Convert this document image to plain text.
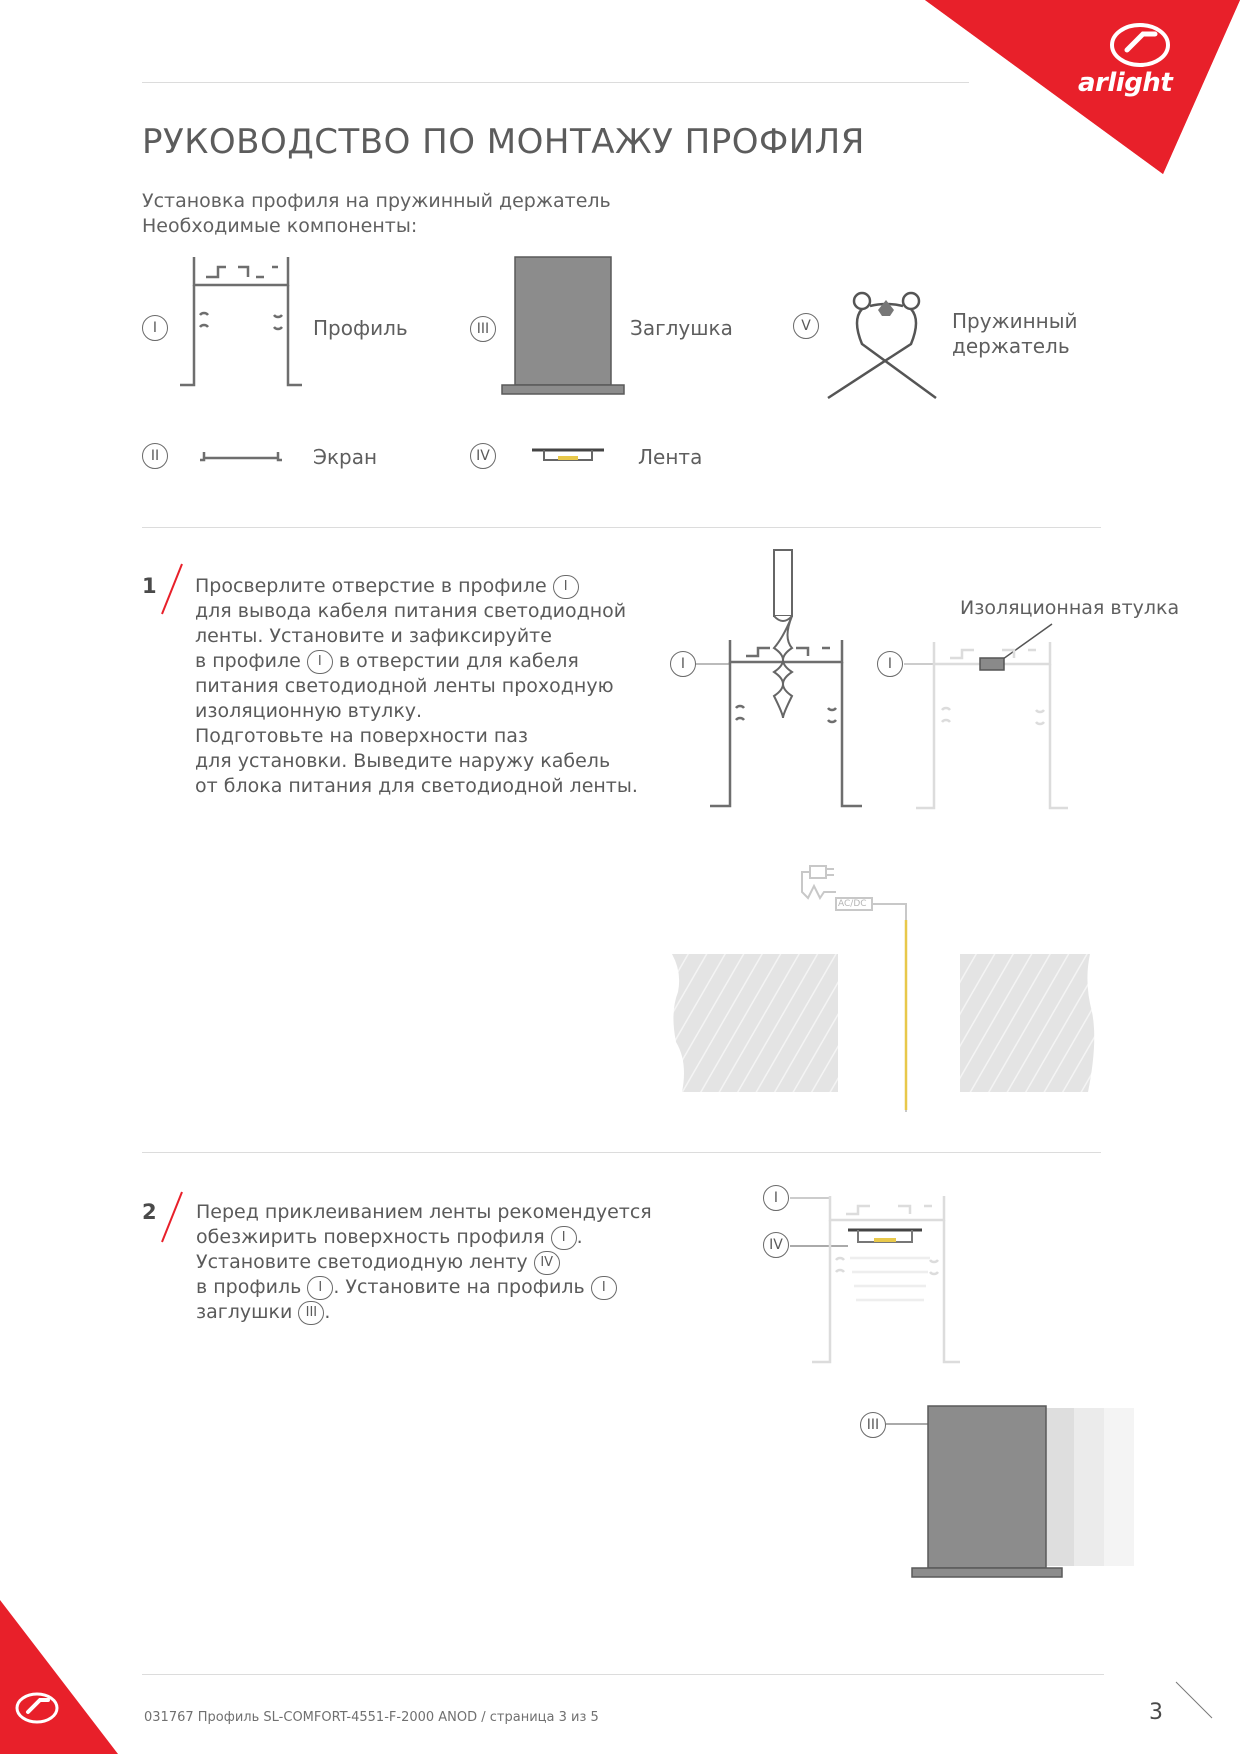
arlight
РУКОВОДСТВО ПО МОНТАЖУ ПРОФИЛЯ
Установка профиля на пружинный держатель
Необходимые компоненты:
I	Профиль	III	Заглушка	V	Пружинный
держатель
II	Экран	IV	Лента
1 Просверлите отверстие в профиле I

для вывода кабеля питания светодиодной

ленты. Установите и зафиксируйте

в профиле I в отверстии для кабеля

питания светодиодной ленты проходную

изоляционную втулку.

Подготовьте на поверхности паз

для установки. Выведите наружу кабель

от блока питания для светодиодной ленты.

I	I
Изоляционная втулка
AC/DC
2 Перед приклеиванием ленты рекомендуется

обезжирить поверхность профиля I .

Установите светодиодную ленту IV

в профиль I . Установите на профиль I

заглушки III .

I
IV
III
031767 Профиль SL-COMFORT-4551-F-2000 ANOD / страница 3 из 5	3
